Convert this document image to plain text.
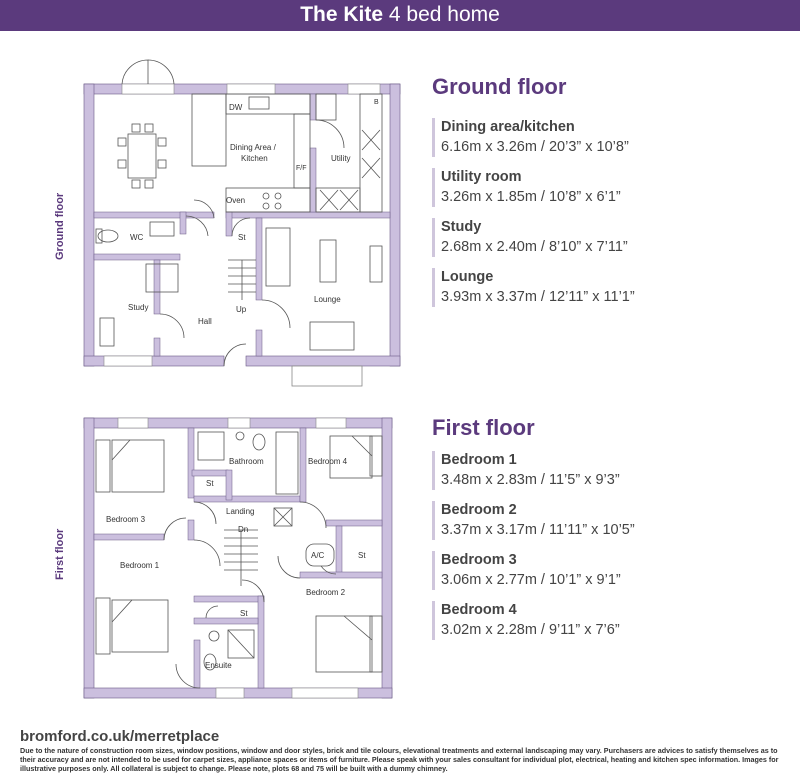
The Kite 4 bed home
Ground floor
DW
Dining Area /
Kitchen
F/F
Utility
B
Oven
WC	St
Study
Hall
Up
Lounge
Ground floor
Dining area/kitchen
6.16m x 3.26m / 20’3” x 10’8”
Utility room
3.26m x 1.85m / 10’8” x 6’1”
Study
2.68m x 2.40m / 8’10” x 7’11”
Lounge
3.93m x 3.37m / 12’11” x 11’1”
First floor
Bathroom	Bedroom 4
St
Landing
Bedroom 3
Dn
A/C	St
Bedroom 1
Bedroom 2
St
Ensuite
First floor
Bedroom 1
3.48m x 2.83m / 11’5” x 9’3”
Bedroom 2
3.37m x 3.17m / 11’11” x 10’5”
Bedroom 3
3.06m x 2.77m / 10’1” x 9’1”
Bedroom 4
3.02m x 2.28m / 9’11” x 7’6”
bromford.co.uk/merretplace
Due to the nature of construction room sizes, window positions, window and door styles, brick and tile colours, elevational treatments and external landscaping may vary. Purchasers are advices to satisfy themselves as to their accuracy and are not intended to be used for carpet sizes, appliance spaces or items of furniture. Please speak with your sales consultant for individual plot, electrical, heating and kitchen spec information. Images for illustrative purposes only. All collateral is subject to change. Please note, plots 68 and 75 will be built with a dummy chimney.
